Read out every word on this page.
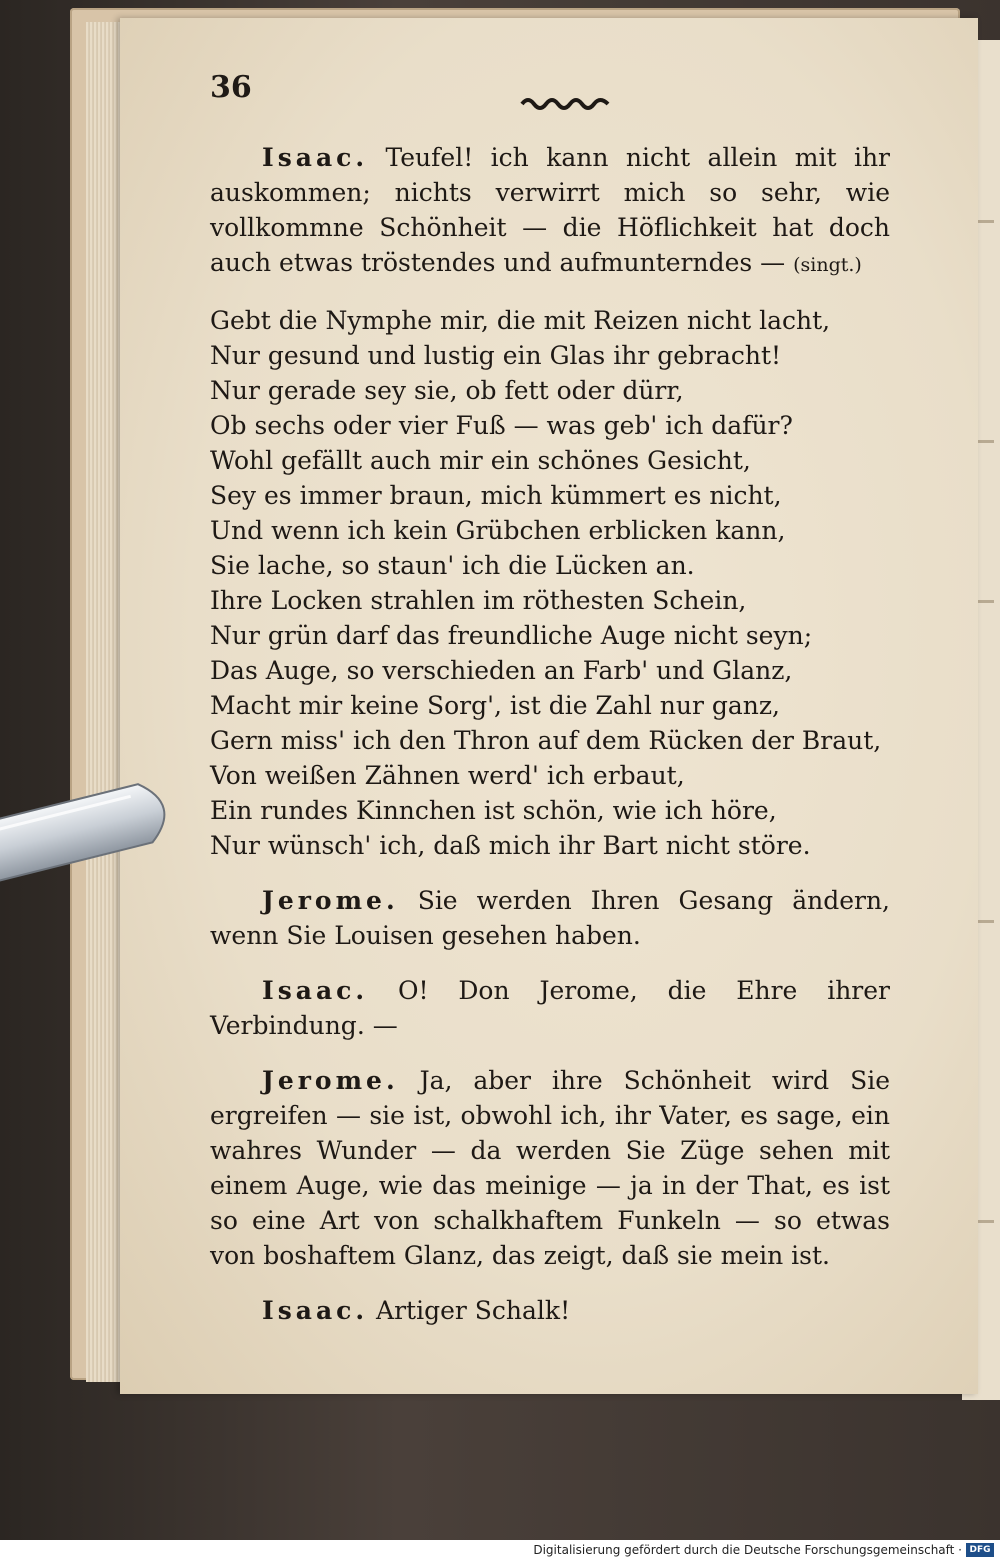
36

Isaac. Teufel! ich kann nicht allein mit ihr auskommen; nichts verwirrt mich so sehr, wie vollkommne Schönheit — die Höflichkeit hat doch auch etwas tröstendes und aufmunterndes — (singt.)

Gebt die Nymphe mir, die mit Reizen nicht lacht,
Nur gesund und lustig ein Glas ihr gebracht!
Nur gerade sey sie, ob fett oder dürr,
Ob sechs oder vier Fuß — was geb' ich dafür?
Wohl gefällt auch mir ein schönes Gesicht,
Sey es immer braun, mich kümmert es nicht,
Und wenn ich kein Grübchen erblicken kann,
Sie lache, so staun' ich die Lücken an.
Ihre Locken strahlen im röthesten Schein,
Nur grün darf das freundliche Auge nicht seyn;
Das Auge, so verschieden an Farb' und Glanz,
Macht mir keine Sorg', ist die Zahl nur ganz,
Gern miss' ich den Thron auf dem Rücken der Braut,
Von weißen Zähnen werd' ich erbaut,
Ein rundes Kinnchen ist schön, wie ich höre,
Nur wünsch' ich, daß mich ihr Bart nicht störe.

Jerome. Sie werden Ihren Gesang ändern, wenn Sie Louisen gesehen haben.

Isaac. O! Don Jerome, die Ehre ihrer Verbindung. —

Jerome. Ja, aber ihre Schönheit wird Sie ergreifen — sie ist, obwohl ich, ihr Vater, es sage, ein wahres Wunder — da werden Sie Züge sehen mit einem Auge, wie das meinige — ja in der That, es ist so eine Art von schalkhaftem Funkeln — so etwas von boshaftem Glanz, das zeigt, daß sie mein ist.

Isaac. Artiger Schalk!

Digitalisierung gefördert durch die Deutsche Forschungsgemeinschaft · DFG
